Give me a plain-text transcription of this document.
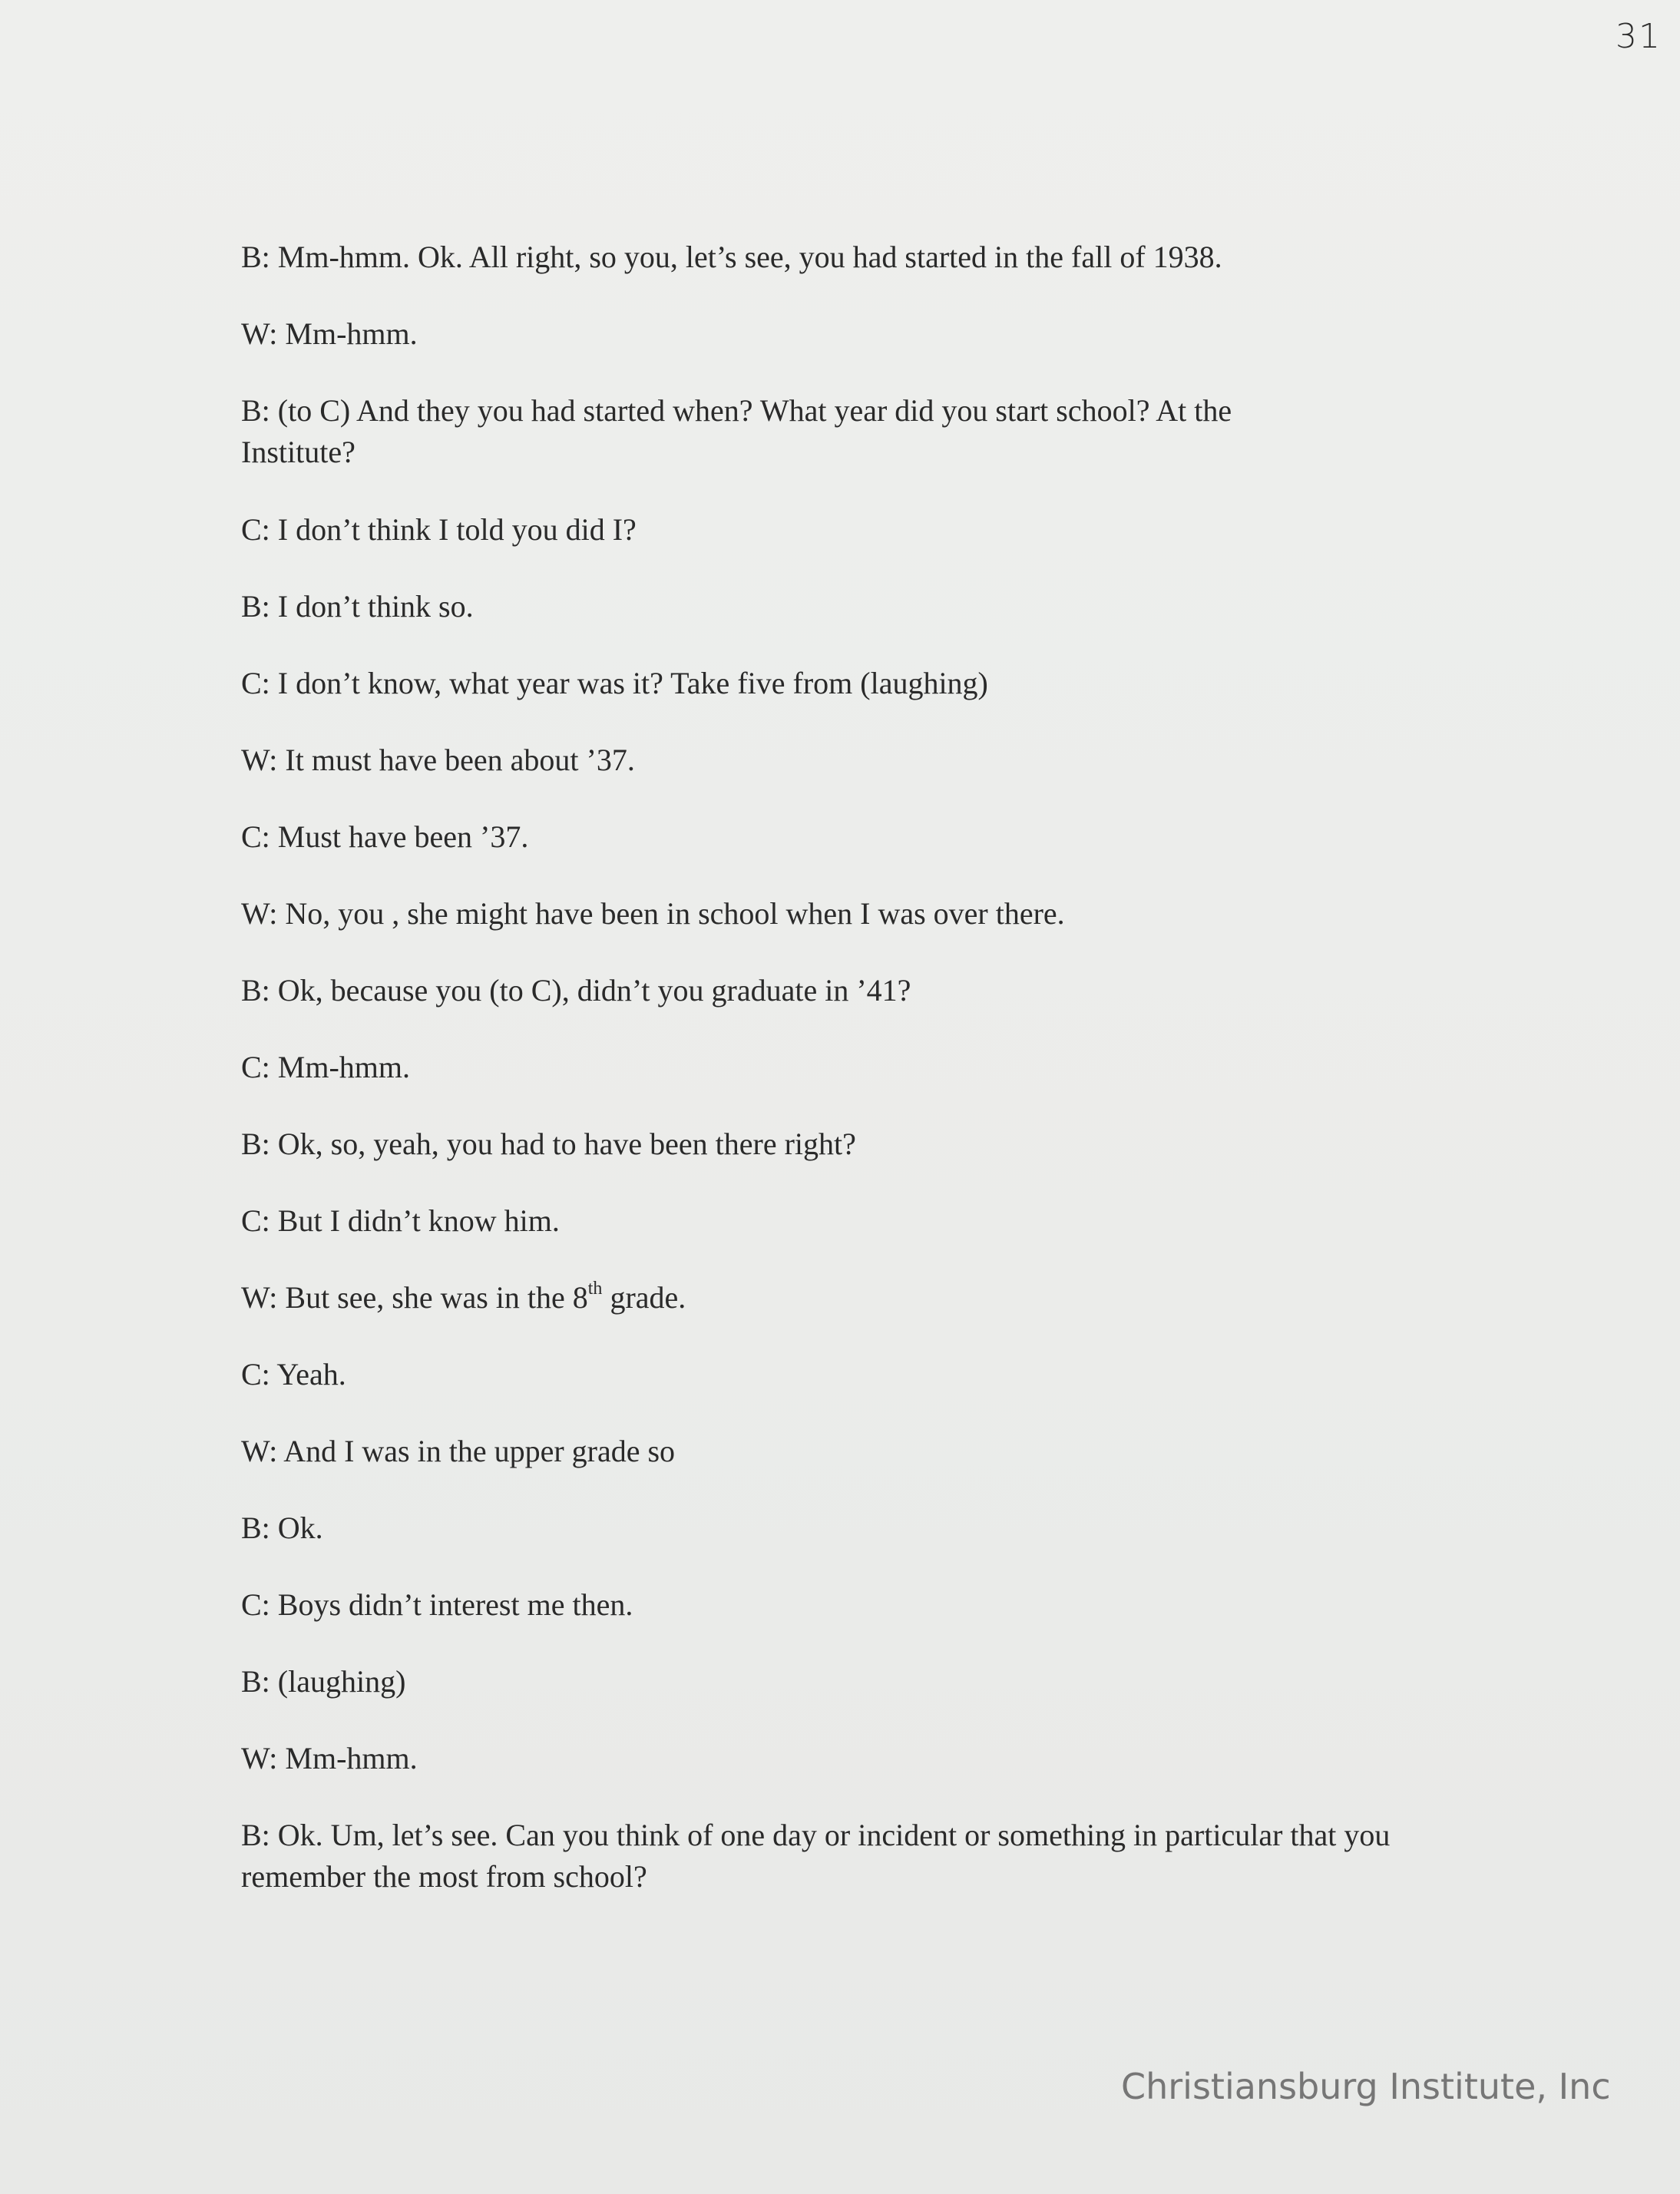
31

B: Mm-hmm. Ok. All right, so you, let’s see, you had started in the fall of 1938.

W: Mm-hmm.

B: (to C) And they you had started when? What year did you start school? At the Institute?

C: I don’t think I told you did I?

B: I don’t think so.

C: I don’t know, what year was it? Take five from (laughing)

W: It must have been about ’37.

C: Must have been ’37.

W: No, you , she might have been in school when I was over there.

B: Ok, because you (to C), didn’t you graduate in ’41?

C: Mm-hmm.

B: Ok, so, yeah, you had to have been there right?

C: But I didn’t know him.

W: But see, she was in the 8th grade.

C: Yeah.

W: And I was in the upper grade so

B: Ok.

C: Boys didn’t interest me then.

B: (laughing)

W: Mm-hmm.

B: Ok. Um, let’s see. Can you think of one day or incident or something in particular that you remember the most from school?

Christiansburg Institute, Inc
